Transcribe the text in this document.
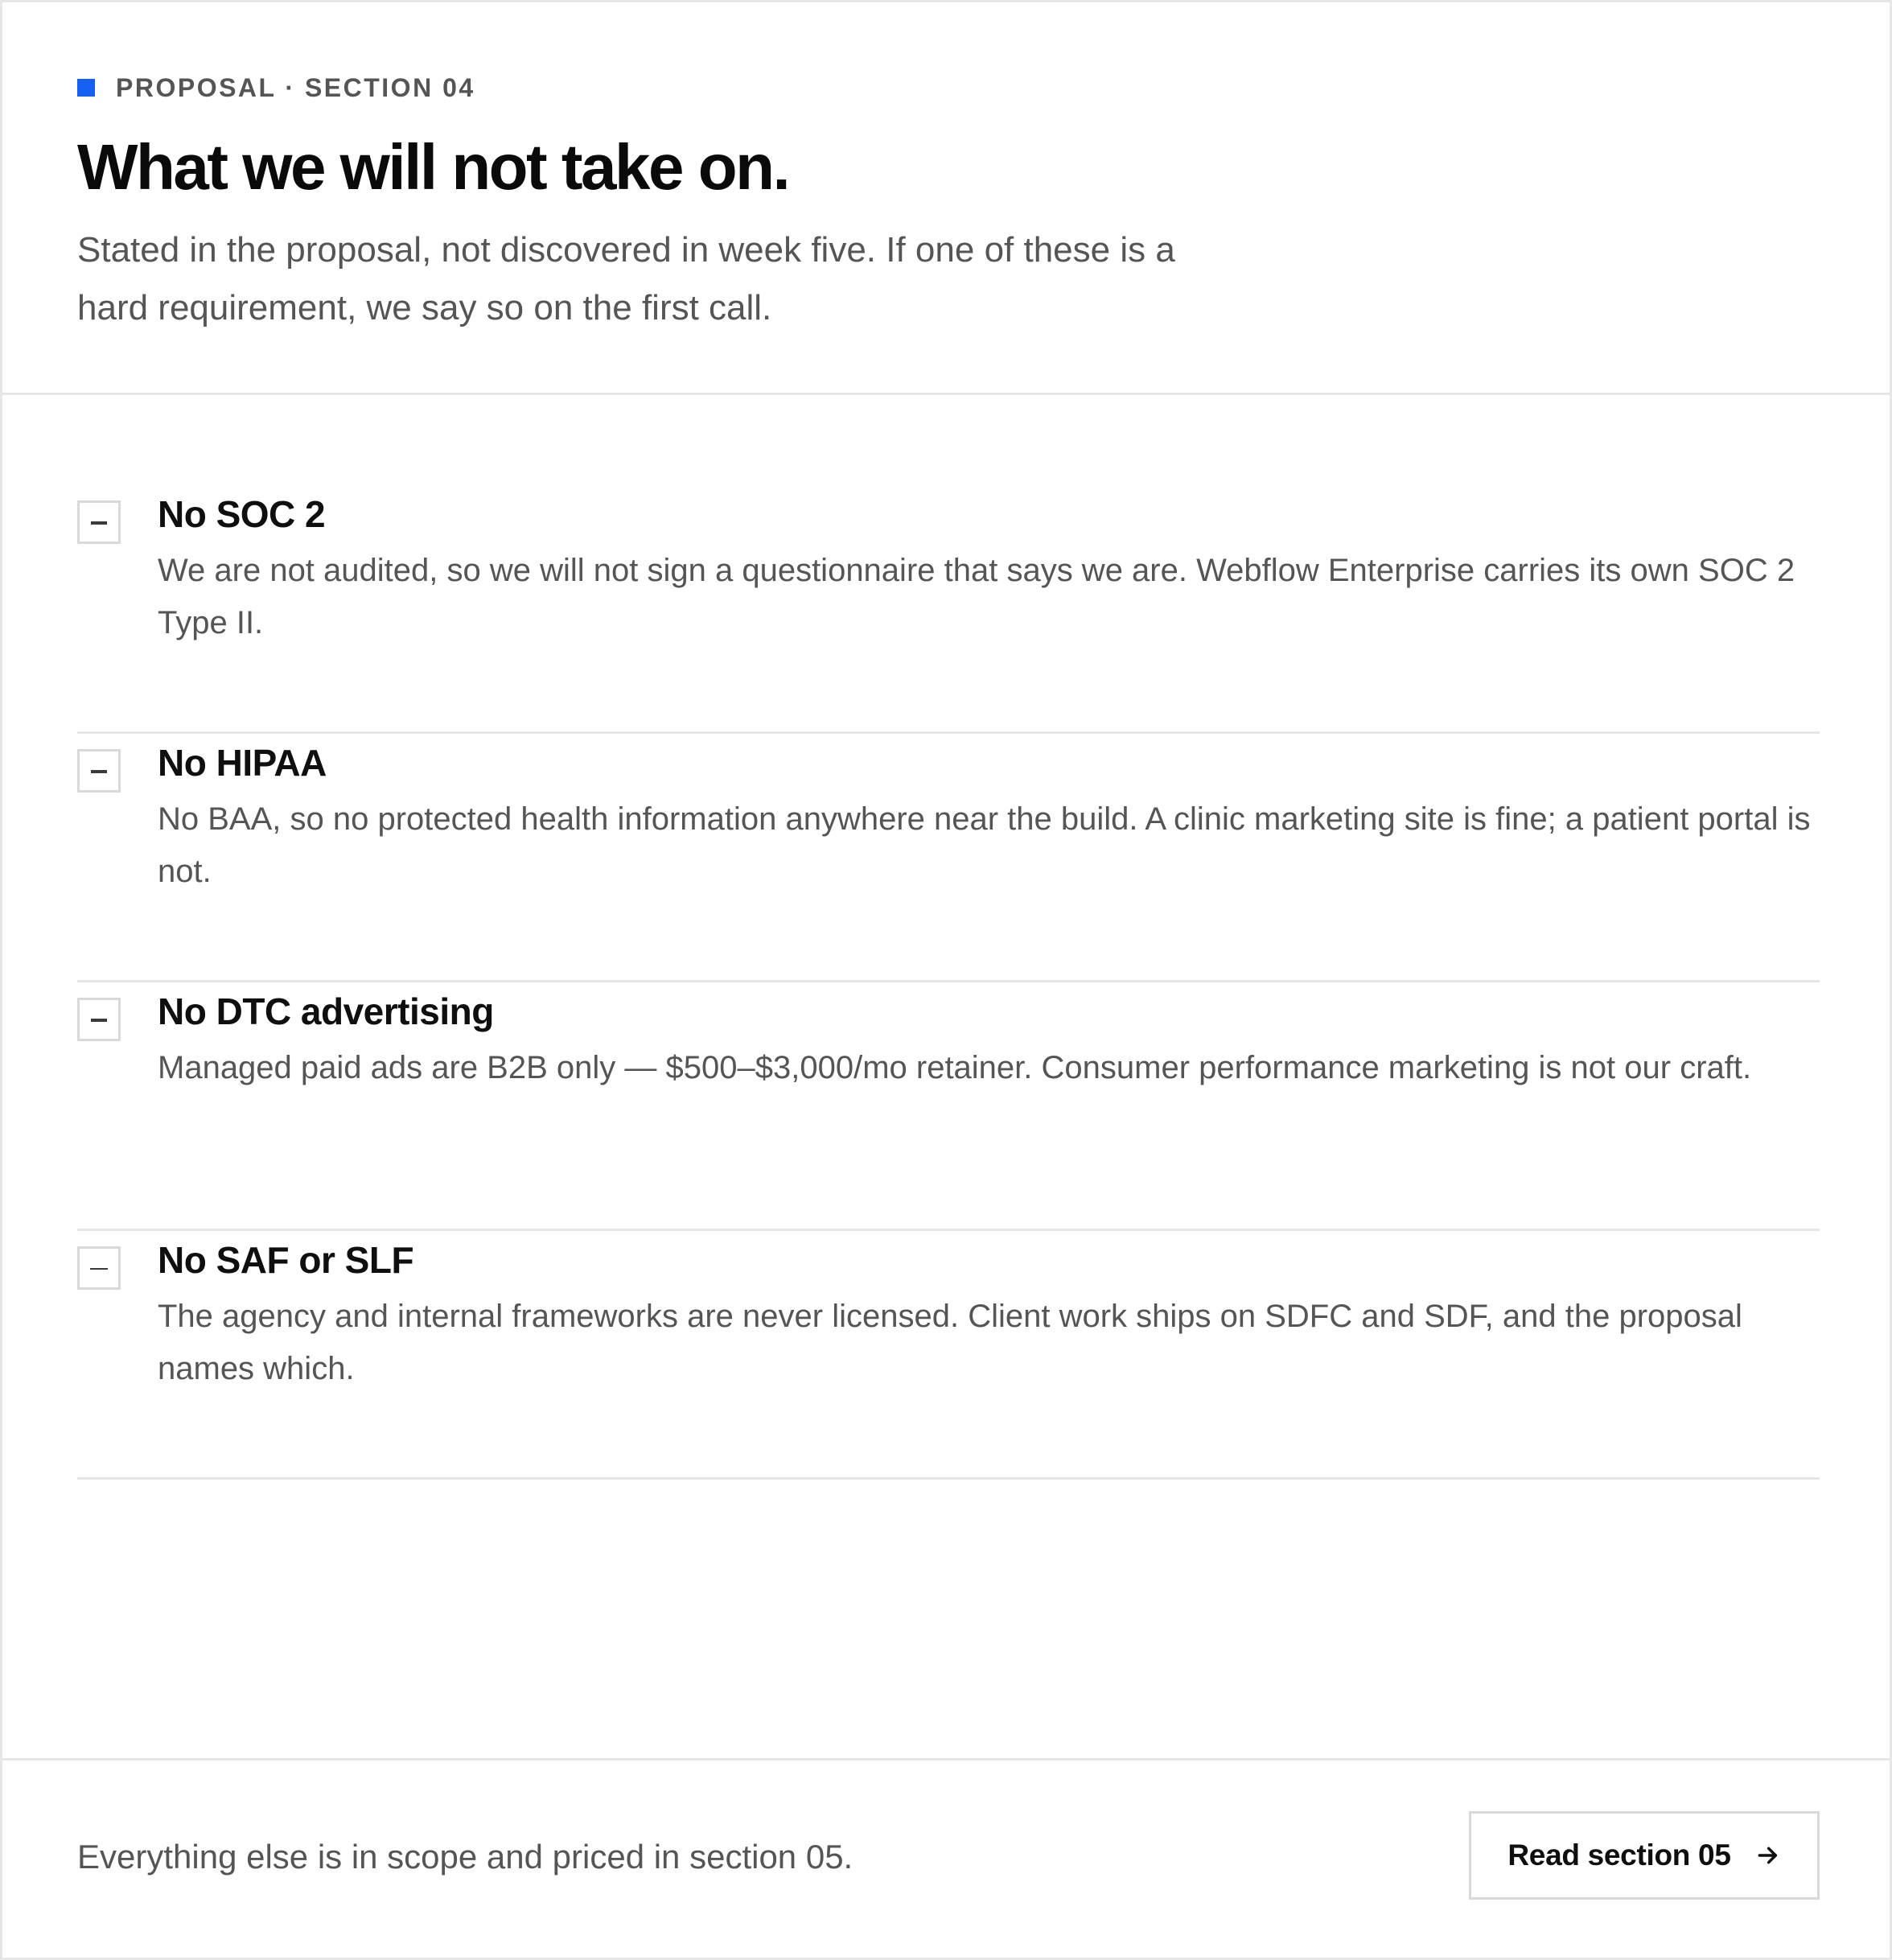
PROPOSAL · SECTION 04
What we will not take on.

Stated in the proposal, not discovered in week five. If one of these is a hard requirement, we say so on the first call.

No SOC 2

We are not audited, so we will not sign a questionnaire that says we are. Webflow Enterprise carries its own SOC 2 Type II.

No HIPAA

No BAA, so no protected health information anywhere near the build. A clinic marketing site is fine; a patient portal is not.

No DTC advertising

Managed paid ads are B2B only — $500–$3,000/mo retainer. Consumer performance marketing is not our craft.

No SAF or SLF

The agency and internal frameworks are never licensed. Client work ships on SDFC and SDF, and the proposal names which.

Everything else is in scope and priced in section 05.	Read section 05
